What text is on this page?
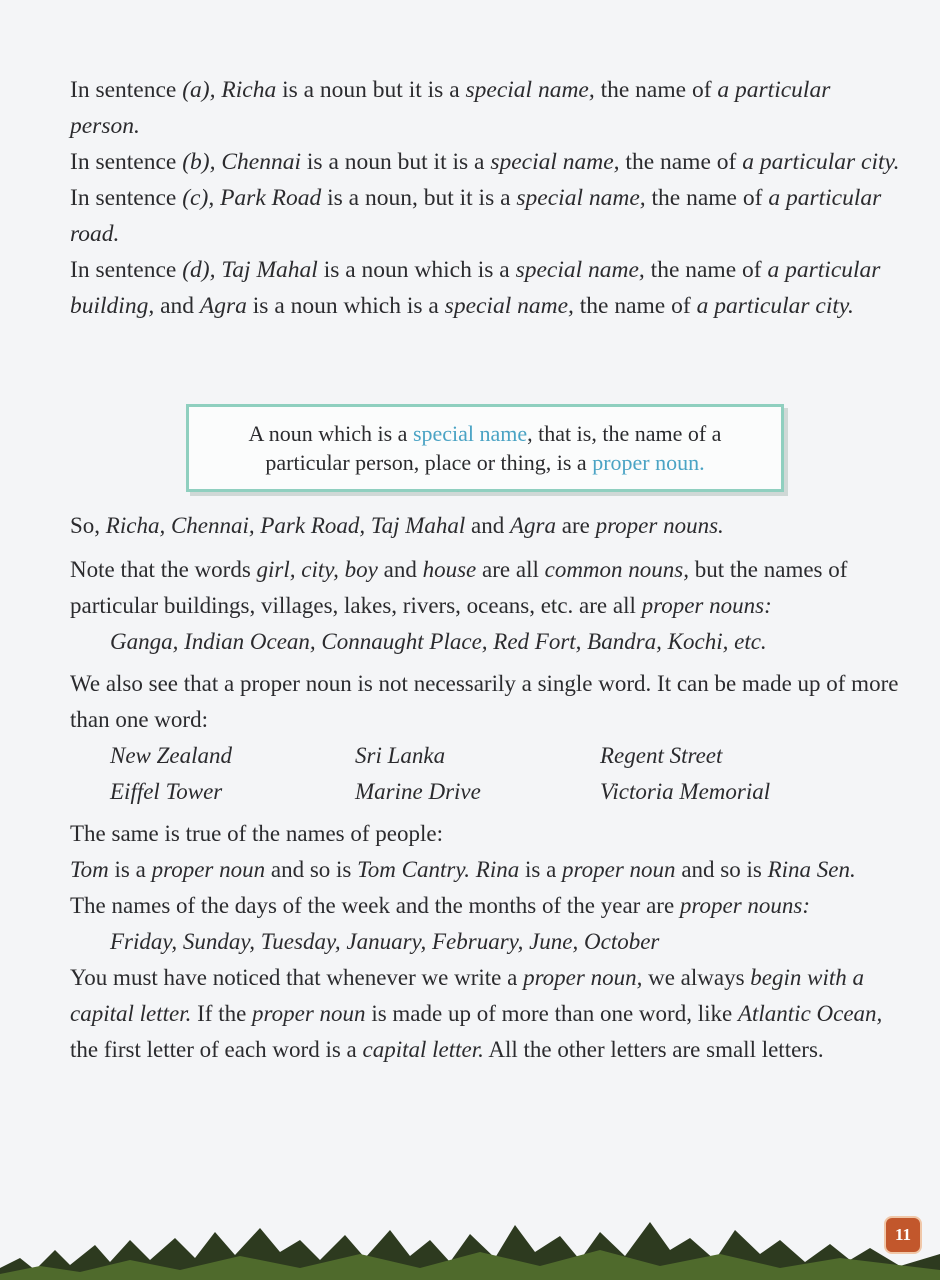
In sentence (a), Richa is a noun but it is a special name, the name of a particular person.
In sentence (b), Chennai is a noun but it is a special name, the name of a particular city.
In sentence (c), Park Road is a noun, but it is a special name, the name of a particular road.
In sentence (d), Taj Mahal is a noun which is a special name, the name of a particular building, and Agra is a noun which is a special name, the name of a particular city.

A noun which is a special name, that is, the name of a
particular person, place or thing, is a proper noun.

So, Richa, Chennai, Park Road, Taj Mahal and Agra are proper nouns.

Note that the words girl, city, boy and house are all common nouns, but the names of particular buildings, villages, lakes, rivers, oceans, etc. are all proper nouns:

Ganga, Indian Ocean, Connaught Place, Red Fort, Bandra, Kochi, etc.

We also see that a proper noun is not necessarily a single word. It can be made up of more than one word:

New Zealand	Sri Lanka	Regent Street
Eiffel Tower	Marine Drive	Victoria Memorial

The same is true of the names of people:

Tom is a proper noun and so is Tom Cantry. Rina is a proper noun and so is Rina Sen.

The names of the days of the week and the months of the year are proper nouns:

Friday, Sunday, Tuesday, January, February, June, October

You must have noticed that whenever we write a proper noun, we always begin with a capital letter. If the proper noun is made up of more than one word, like Atlantic Ocean, the first letter of each word is a capital letter. All the other letters are small letters.

11
